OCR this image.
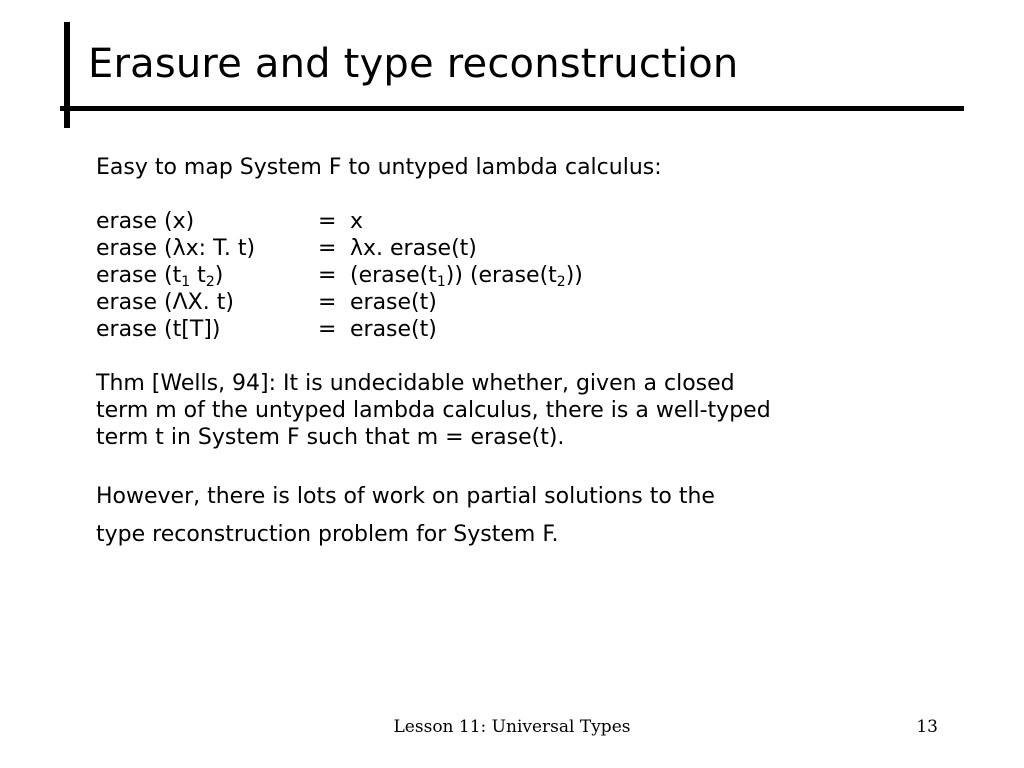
Erasure and type reconstruction
Easy to map System F to untyped lambda calculus:
erase (x)	= x
erase (λx: T. t)	= λx. erase(t)
erase ($t_1$ $t_2$)	= $(erase(t_1))$ $(erase(t_2))$
erase (ΛX. t)	= erase(t)
erase (t[T])	= erase(t)
Thm [Wells, 94]: It is undecidable whether, given a closed
term m of the untyped lambda calculus, there is a well-typed
term t in System F such that m = erase(t).
However, there is lots of work on partial solutions to the
type reconstruction problem for System F.
Lesson 11: Universal Types	13
